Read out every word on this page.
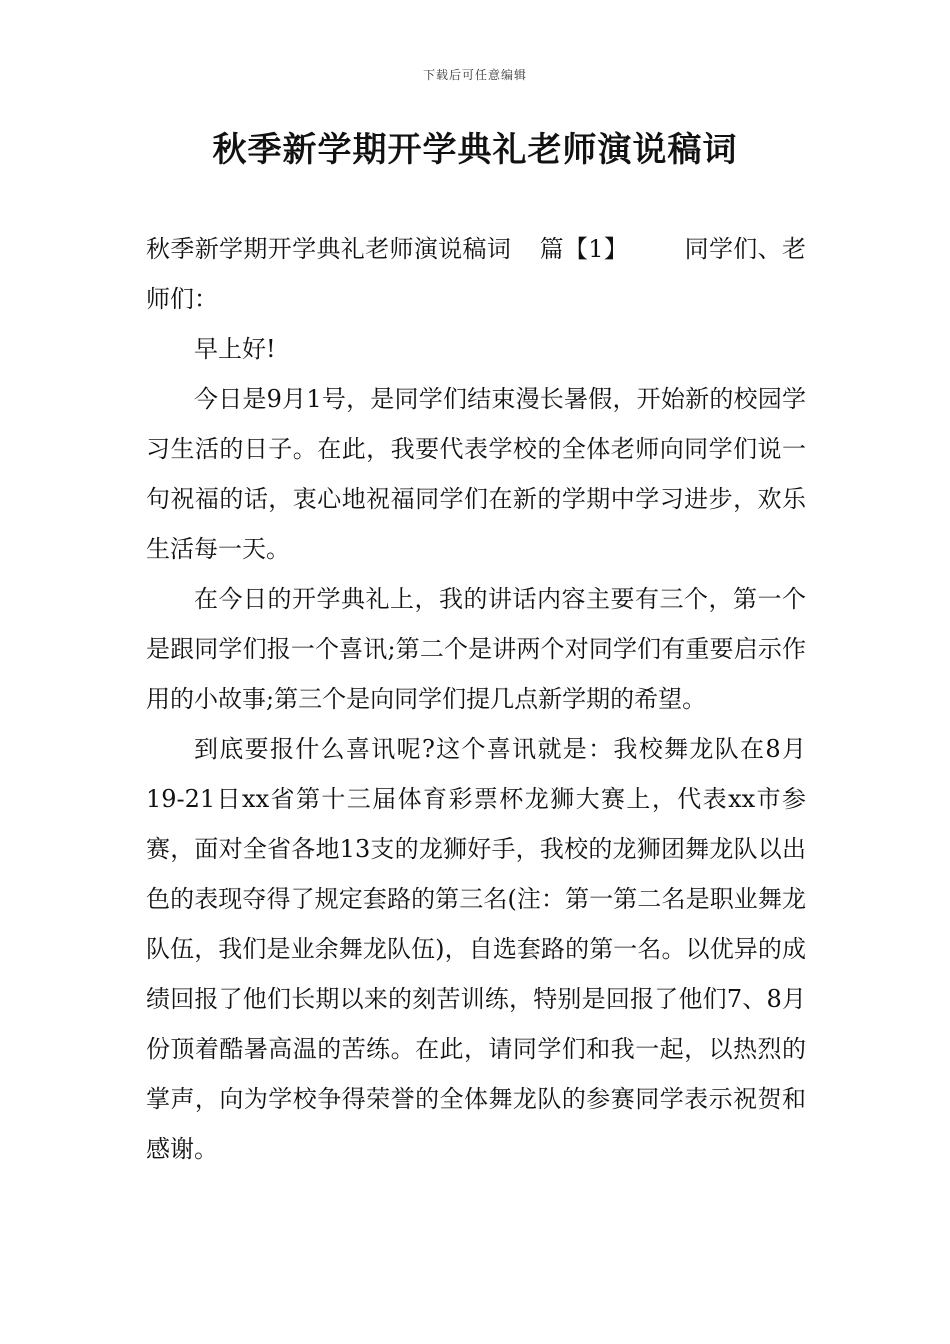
下载后可任意编辑
秋季新学期开学典礼老师演说稿词

秋季新学期开学典礼老师演说稿词 篇【1】 同学们、老师们：

早上好!

今日是9月1号，是同学们结束漫长暑假，开始新的校园学习生活的日子。在此，我要代表学校的全体老师向同学们说一句祝福的话，衷心地祝福同学们在新的学期中学习进步，欢乐生活每一天。

在今日的开学典礼上，我的讲话内容主要有三个，第一个是跟同学们报一个喜讯;第二个是讲两个对同学们有重要启示作用的小故事;第三个是向同学们提几点新学期的希望。

到底要报什么喜讯呢?这个喜讯就是：我校舞龙队在8月19-21日xx省第十三届体育彩票杯龙狮大赛上，代表xx市参赛，面对全省各地13支的龙狮好手，我校的龙狮团舞龙队以出色的表现夺得了规定套路的第三名(注：第一第二名是职业舞龙队伍，我们是业余舞龙队伍)，自选套路的第一名。以优异的成绩回报了他们长期以来的刻苦训练，特别是回报了他们7、8月份顶着酷暑高温的苦练。在此，请同学们和我一起，以热烈的掌声，向为学校争得荣誉的全体舞龙队的参赛同学表示祝贺和感谢。
